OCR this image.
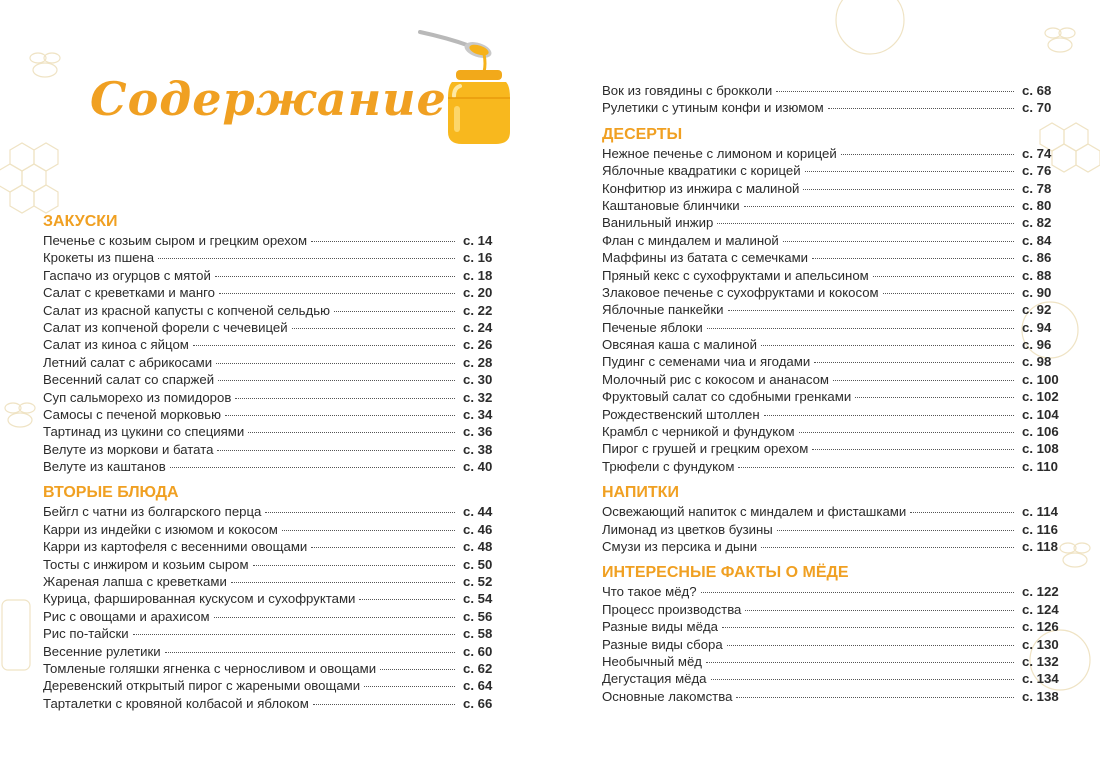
Содержание
ЗАКУСКИ
Печенье с козьим сыром и грецким орехом	с. 14
Крокеты из пшена	с. 16
Гаспачо из огурцов с мятой	с. 18
Салат с креветками и манго	с. 20
Салат из красной капусты с копченой сельдью	с. 22
Салат из копченой форели с чечевицей	с. 24
Салат из киноа с яйцом	с. 26
Летний салат с абрикосами	с. 28
Весенний салат со спаржей	с. 30
Суп сальморехо из помидоров	с. 32
Самосы с печеной морковью	с. 34
Тартинад из цукини со специями	с. 36
Велуте из моркови и батата	с. 38
Велуте из каштанов	с. 40
ВТОРЫЕ БЛЮДА
Бейгл с чатни из болгарского перца	с. 44
Карри из индейки с изюмом и кокосом	с. 46
Карри из картофеля с весенними овощами	с. 48
Тосты с инжиром и козьим сыром	с. 50
Жареная лапша с креветками	с. 52
Курица, фаршированная кускусом и сухофруктами	с. 54
Рис с овощами и арахисом	с. 56
Рис по-тайски	с. 58
Весенние рулетики	с. 60
Томленые голяшки ягненка с черносливом и овощами	с. 62
Деревенский открытый пирог с жареными овощами	с. 64
Тарталетки с кровяной колбасой и яблоком	с. 66
Вок из говядины с брокколи	с. 68
Рулетики с утиным конфи и изюмом	с. 70
ДЕСЕРТЫ
Нежное печенье с лимоном и корицей	с. 74
Яблочные квадратики с корицей	с. 76
Конфитюр из инжира с малиной	с. 78
Каштановые блинчики	с. 80
Ванильный инжир	с. 82
Флан с миндалем и малиной	с. 84
Маффины из батата с семечками	с. 86
Пряный кекс с сухофруктами и апельсином	с. 88
Злаковое печенье с сухофруктами и кокосом	с. 90
Яблочные панкейки	с. 92
Печеные яблоки	с. 94
Овсяная каша с малиной	с. 96
Пудинг с семенами чиа и ягодами	с. 98
Молочный рис с кокосом и ананасом	с. 100
Фруктовый салат со сдобными гренками	с. 102
Рождественский штоллен	с. 104
Крамбл с черникой и фундуком	с. 106
Пирог с грушей и грецким орехом	с. 108
Трюфели с фундуком	с. 110
НАПИТКИ
Освежающий напиток с миндалем и фисташками	с. 114
Лимонад из цветков бузины	с. 116
Смузи из персика и дыни	с. 118
ИНТЕРЕСНЫЕ ФАКТЫ О МЁДЕ
Что такое мёд?	с. 122
Процесс производства	с. 124
Разные виды мёда	с. 126
Разные виды сбора	с. 130
Необычный мёд	с. 132
Дегустация мёда	с. 134
Основные лакомства	с. 138
